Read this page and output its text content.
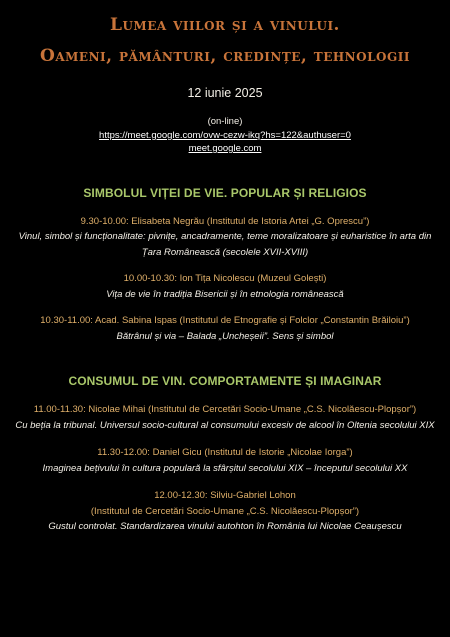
Lumea viilor și a vinului.
Oameni, pământuri, credințe, tehnologii
12 iunie 2025
(on-line)
https://meet.google.com/ovw-cezw-ikq?hs=122&authuser=0
meet.google.com
SIMBOLUL VIȚEI DE VIE. POPULAR ȘI RELIGIOS
9.30-10.00: Elisabeta Negrău (Institutul de Istoria Artei „G. Oprescu”)
Vinul, simbol și funcționalitate: pivnițe, ancadramente, teme moralizatoare și euharistice în arta din Țara Românească (secolele XVII-XVIII)
10.00-10.30: Ion Tița Nicolescu (Muzeul Golești)
Vița de vie în tradiția Bisericii și în etnologia românească
10.30-11.00: Acad. Sabina Ispas (Institutul de Etnografie și Folclor „Constantin Brăiloiu”)
Bătrânul și via – Balada „Uncheșeii”. Sens și simbol
CONSUMUL DE VIN. COMPORTAMENTE ȘI IMAGINAR
11.00-11.30: Nicolae Mihai (Institutul de Cercetări Socio-Umane „C.S. Nicolăescu-Plopșor”)
Cu bețiа la tribunal. Universul socio-cultural al consumului excesiv de alcool în Oltenia secolului XIX
11.30-12.00: Daniel Gicu (Institutul de Istorie „Nicolae Iorga”)
Imaginea bețivului în cultura populară la sfârșitul secolului XIX – începutul secolului XX
12.00-12.30: Silviu-Gabriel Lohon
(Institutul de Cercetări Socio-Umane „C.S. Nicolăescu-Plopșor”)
Gustul controlat. Standardizarea vinului autohton în România lui Nicolae Ceaușescu
